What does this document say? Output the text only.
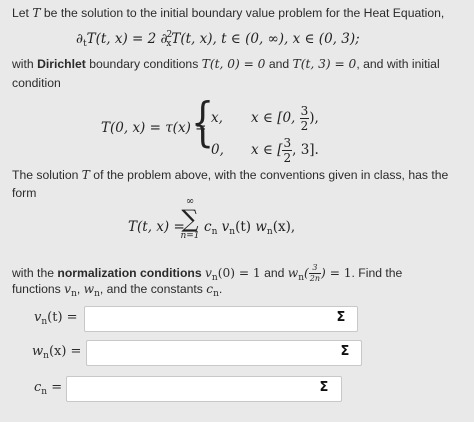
Let T be the solution to the initial boundary value problem for the Heat Equation,
$\partial_tT(t$, x) = 2 ∂$^2_x$T(t, x), t ∈ (0, ∞), x ∈ (0, 3);
with Dirichlet boundary conditions T(t, 0) = 0 and T(t, 3) = 0, and with initial
condition
T(0, x) = τ(x) =
{
x, x ∈ [0, $\frac{3}{2}$ ),
0, x ∈ [ $\frac{3}{2}$ , 3].
The solution T of the problem above, with the conventions given in class, has the
form
T(t, x) =
∞
∑
n=1
$c_n$ $v_n(t)$ $w_n(x)$,
with the normalization conditions $v_n(0) = 1$ and $w_n( \frac{3}{2n}$ ) = 1. Find the
functions $v_n$, $w_n$, and the constants $c_n$.
$v_n(t)$ =	Σ
$w_n(x)$ =	Σ
$c_n$ =	Σ
